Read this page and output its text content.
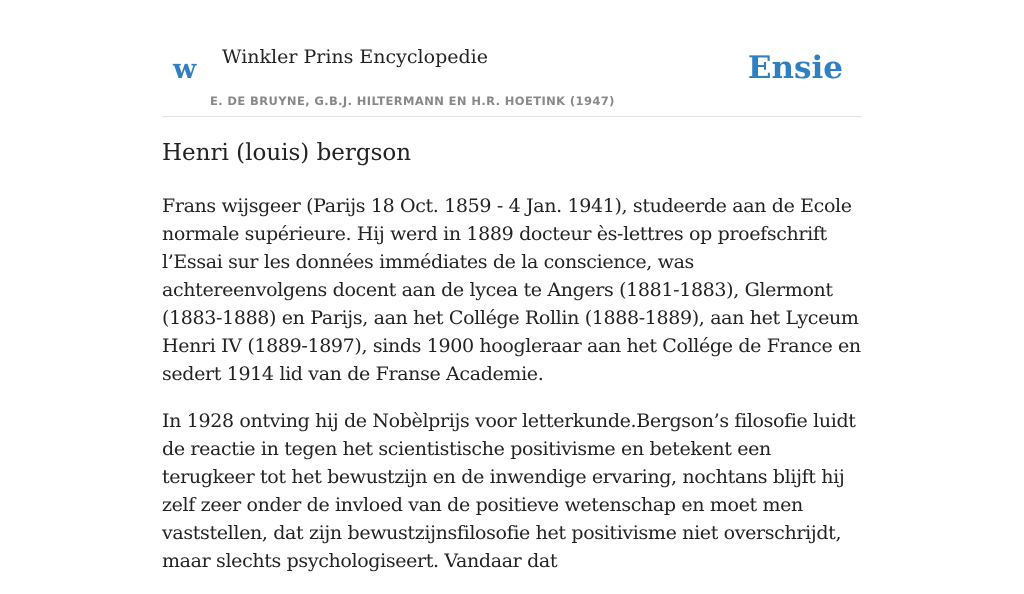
w Winkler Prins Encyclopedie
E. DE BRUYNE, G.B.J. HILTERMANN EN H.R. HOETINK (1947)
Ensie
Henri (louis) bergson

Frans wijsgeer (Parijs 18 Oct. 1859 - 4 Jan. 1941), studeerde aan de Ecole normale supérieure. Hij werd in 1889 docteur ès-lettres op proefschrift l’Essai sur les données immédiates de la conscience, was achtereenvolgens docent aan de lycea te Angers (1881-1883), Glermont (1883-1888) en Parijs, aan het Collége Rollin (1888-1889), aan het Lyceum Henri IV (1889-1897), sinds 1900 hoogleraar aan het Collége de France en sedert 1914 lid van de Franse Academie.

In 1928 ontving hij de Nobèlprijs voor letterkunde.Bergson’s filosofie luidt de reactie in tegen het scientistische positivisme en betekent een terugkeer tot het bewustzijn en de inwendige ervaring, nochtans blijft hij zelf zeer onder de invloed van de positieve wetenschap en moet men vaststellen, dat zijn bewustzijnsfilosofie het positivisme niet overschrijdt, maar slechts psychologiseert. Vandaar dat
